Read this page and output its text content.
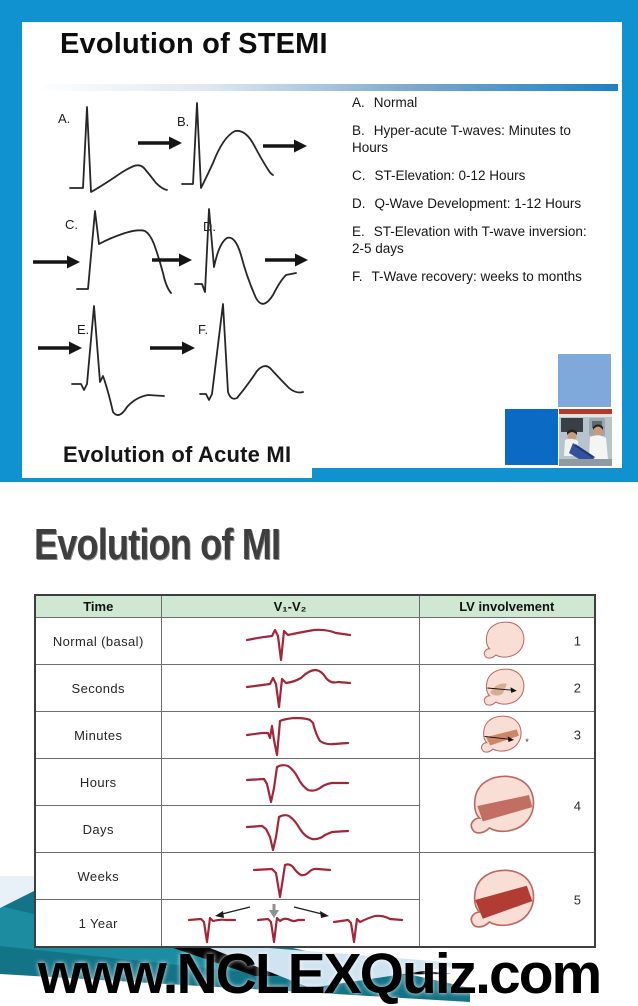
Evolution of STEMI
A.	B.
C.	D.
E.	F.

A. Normal

B. Hyper-acute T-waves: Minutes to Hours

C. ST-Elevation: 0-12 Hours

D. Q-Wave Development: 1-12 Hours

E. ST-Elevation with T-wave inversion: 2-5 days

F. T-Wave recovery: weeks to months

Evolution of Acute MI
Evolution of MI
Time	V₁-V₂	LV involvement
Normal (basal)		1

Seconds		2

Minutes		* 3

Hours		4

Days	

Weeks		5

1 Year	
www.NCLEXQuiz.com
